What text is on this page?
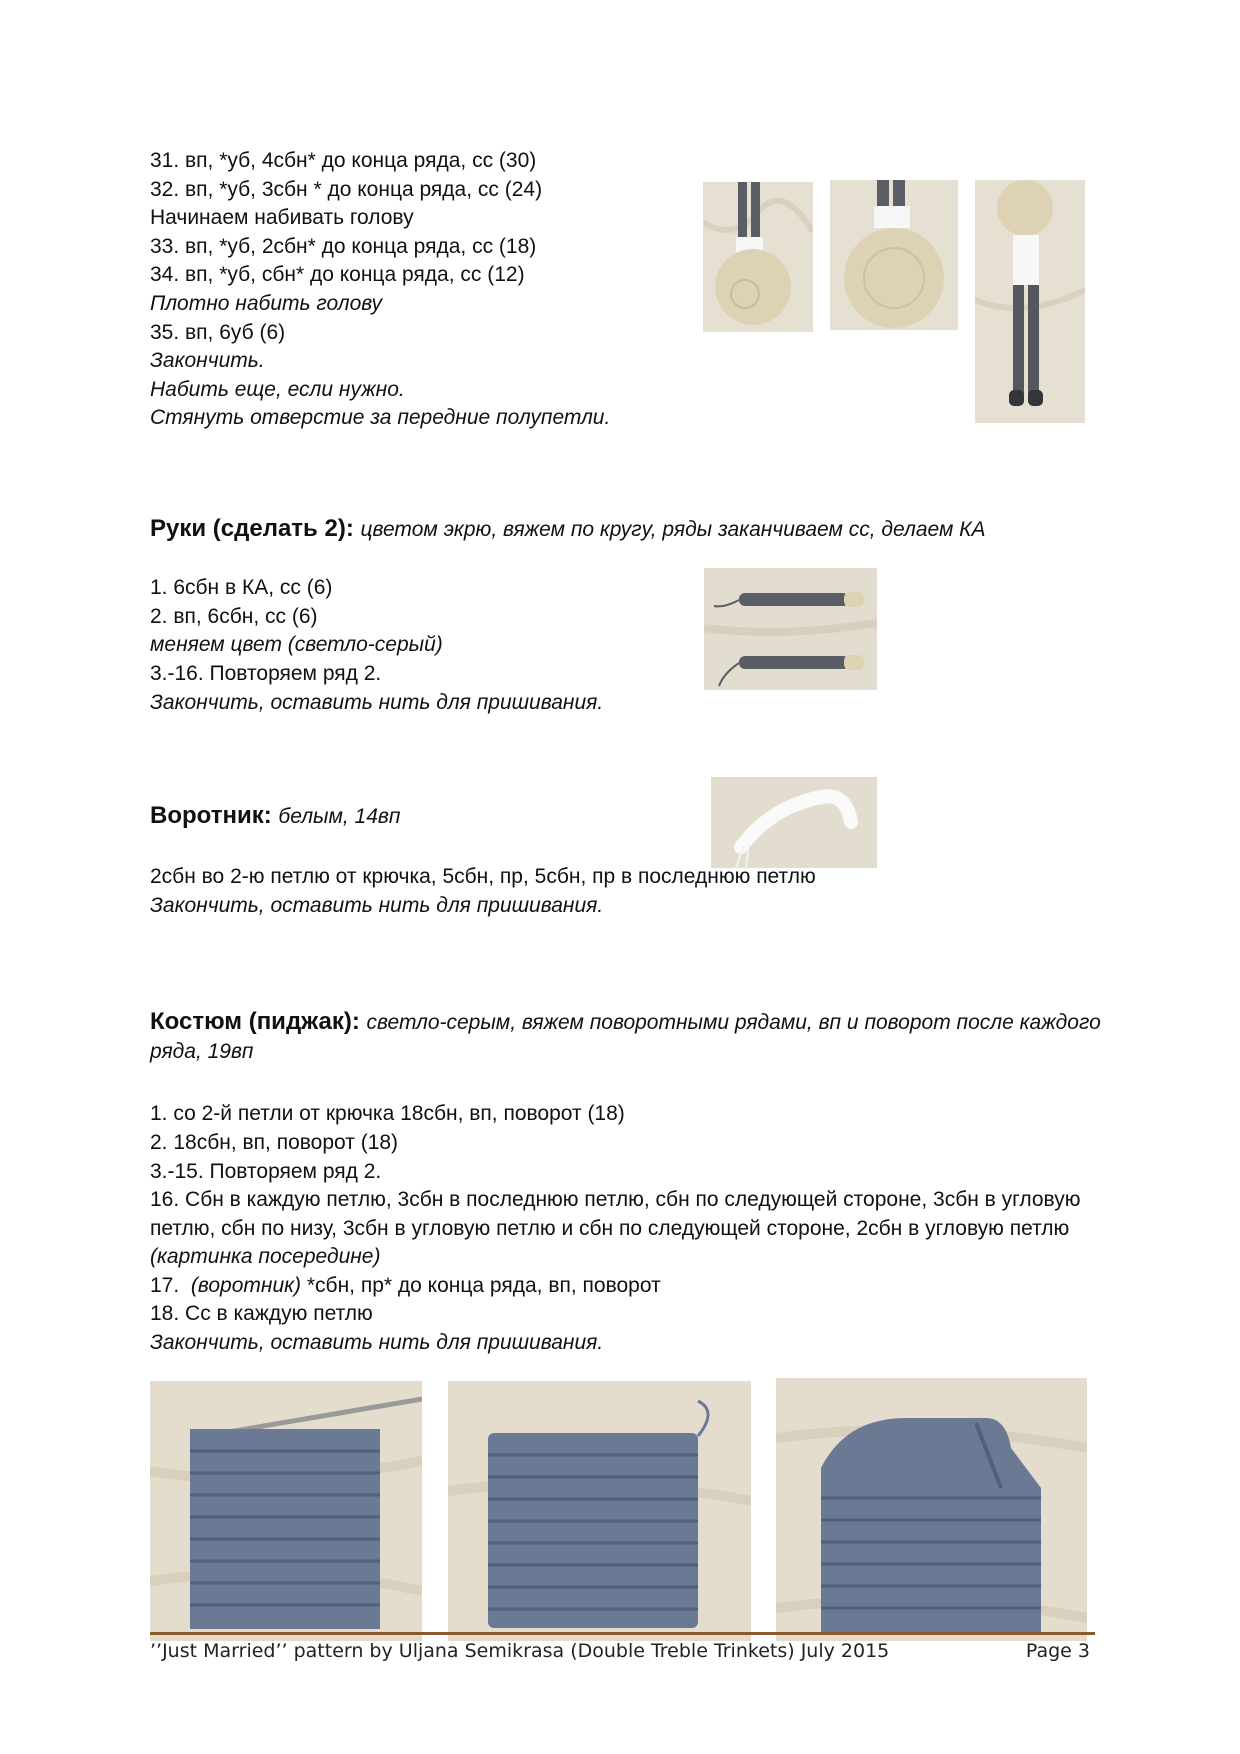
31. вп, *уб, 4сбн* до конца ряда, сс (30)
32. вп, *уб, 3сбн * до конца ряда, сс (24)
Начинаем набивать голову
33. вп, *уб, 2сбн* до конца ряда, сс (18)
34. вп, *уб, сбн* до конца ряда, сс (12)
Плотно набить голову
35. вп, 6уб (6)
Закончить.
Набить еще, если нужно.
Стянуть отверстие за передние полупетли.
Руки (сделать 2): цветом экрю, вяжем по кругу, ряды заканчиваем сс, делаем КА
1. 6сбн в КА, сс (6)
2. вп, 6сбн, сс (6)
меняем цвет (светло-серый)
3.-16. Повторяем ряд 2.
Закончить, оставить нить для пришивания.
Воротник: белым, 14вп
2сбн во 2-ю петлю от крючка, 5сбн, пр, 5сбн, пр в последнюю петлю
Закончить, оставить нить для пришивания.
Костюм (пиджак): светло-серым, вяжем поворотными рядами, вп и поворот после каждого
ряда, 19вп
1. со 2-й петли от крючка 18сбн, вп, поворот (18)
2. 18сбн, вп, поворот (18)
3.-15. Повторяем ряд 2.
16. Сбн в каждую петлю, 3сбн в последнюю петлю, сбн по следующей стороне, 3сбн в угловую
петлю, сбн по низу, 3сбн в угловую петлю и сбн по следующей стороне, 2сбн в угловую петлю
(картинка посередине)
17.  (воротник) *сбн, пр* до конца ряда, вп, поворот
18. Сс в каждую петлю
Закончить, оставить нить для пришивания.
’’Just Married’’ pattern by Uljana Semikrasa (Double Treble Trinkets) July 2015	Page 3
